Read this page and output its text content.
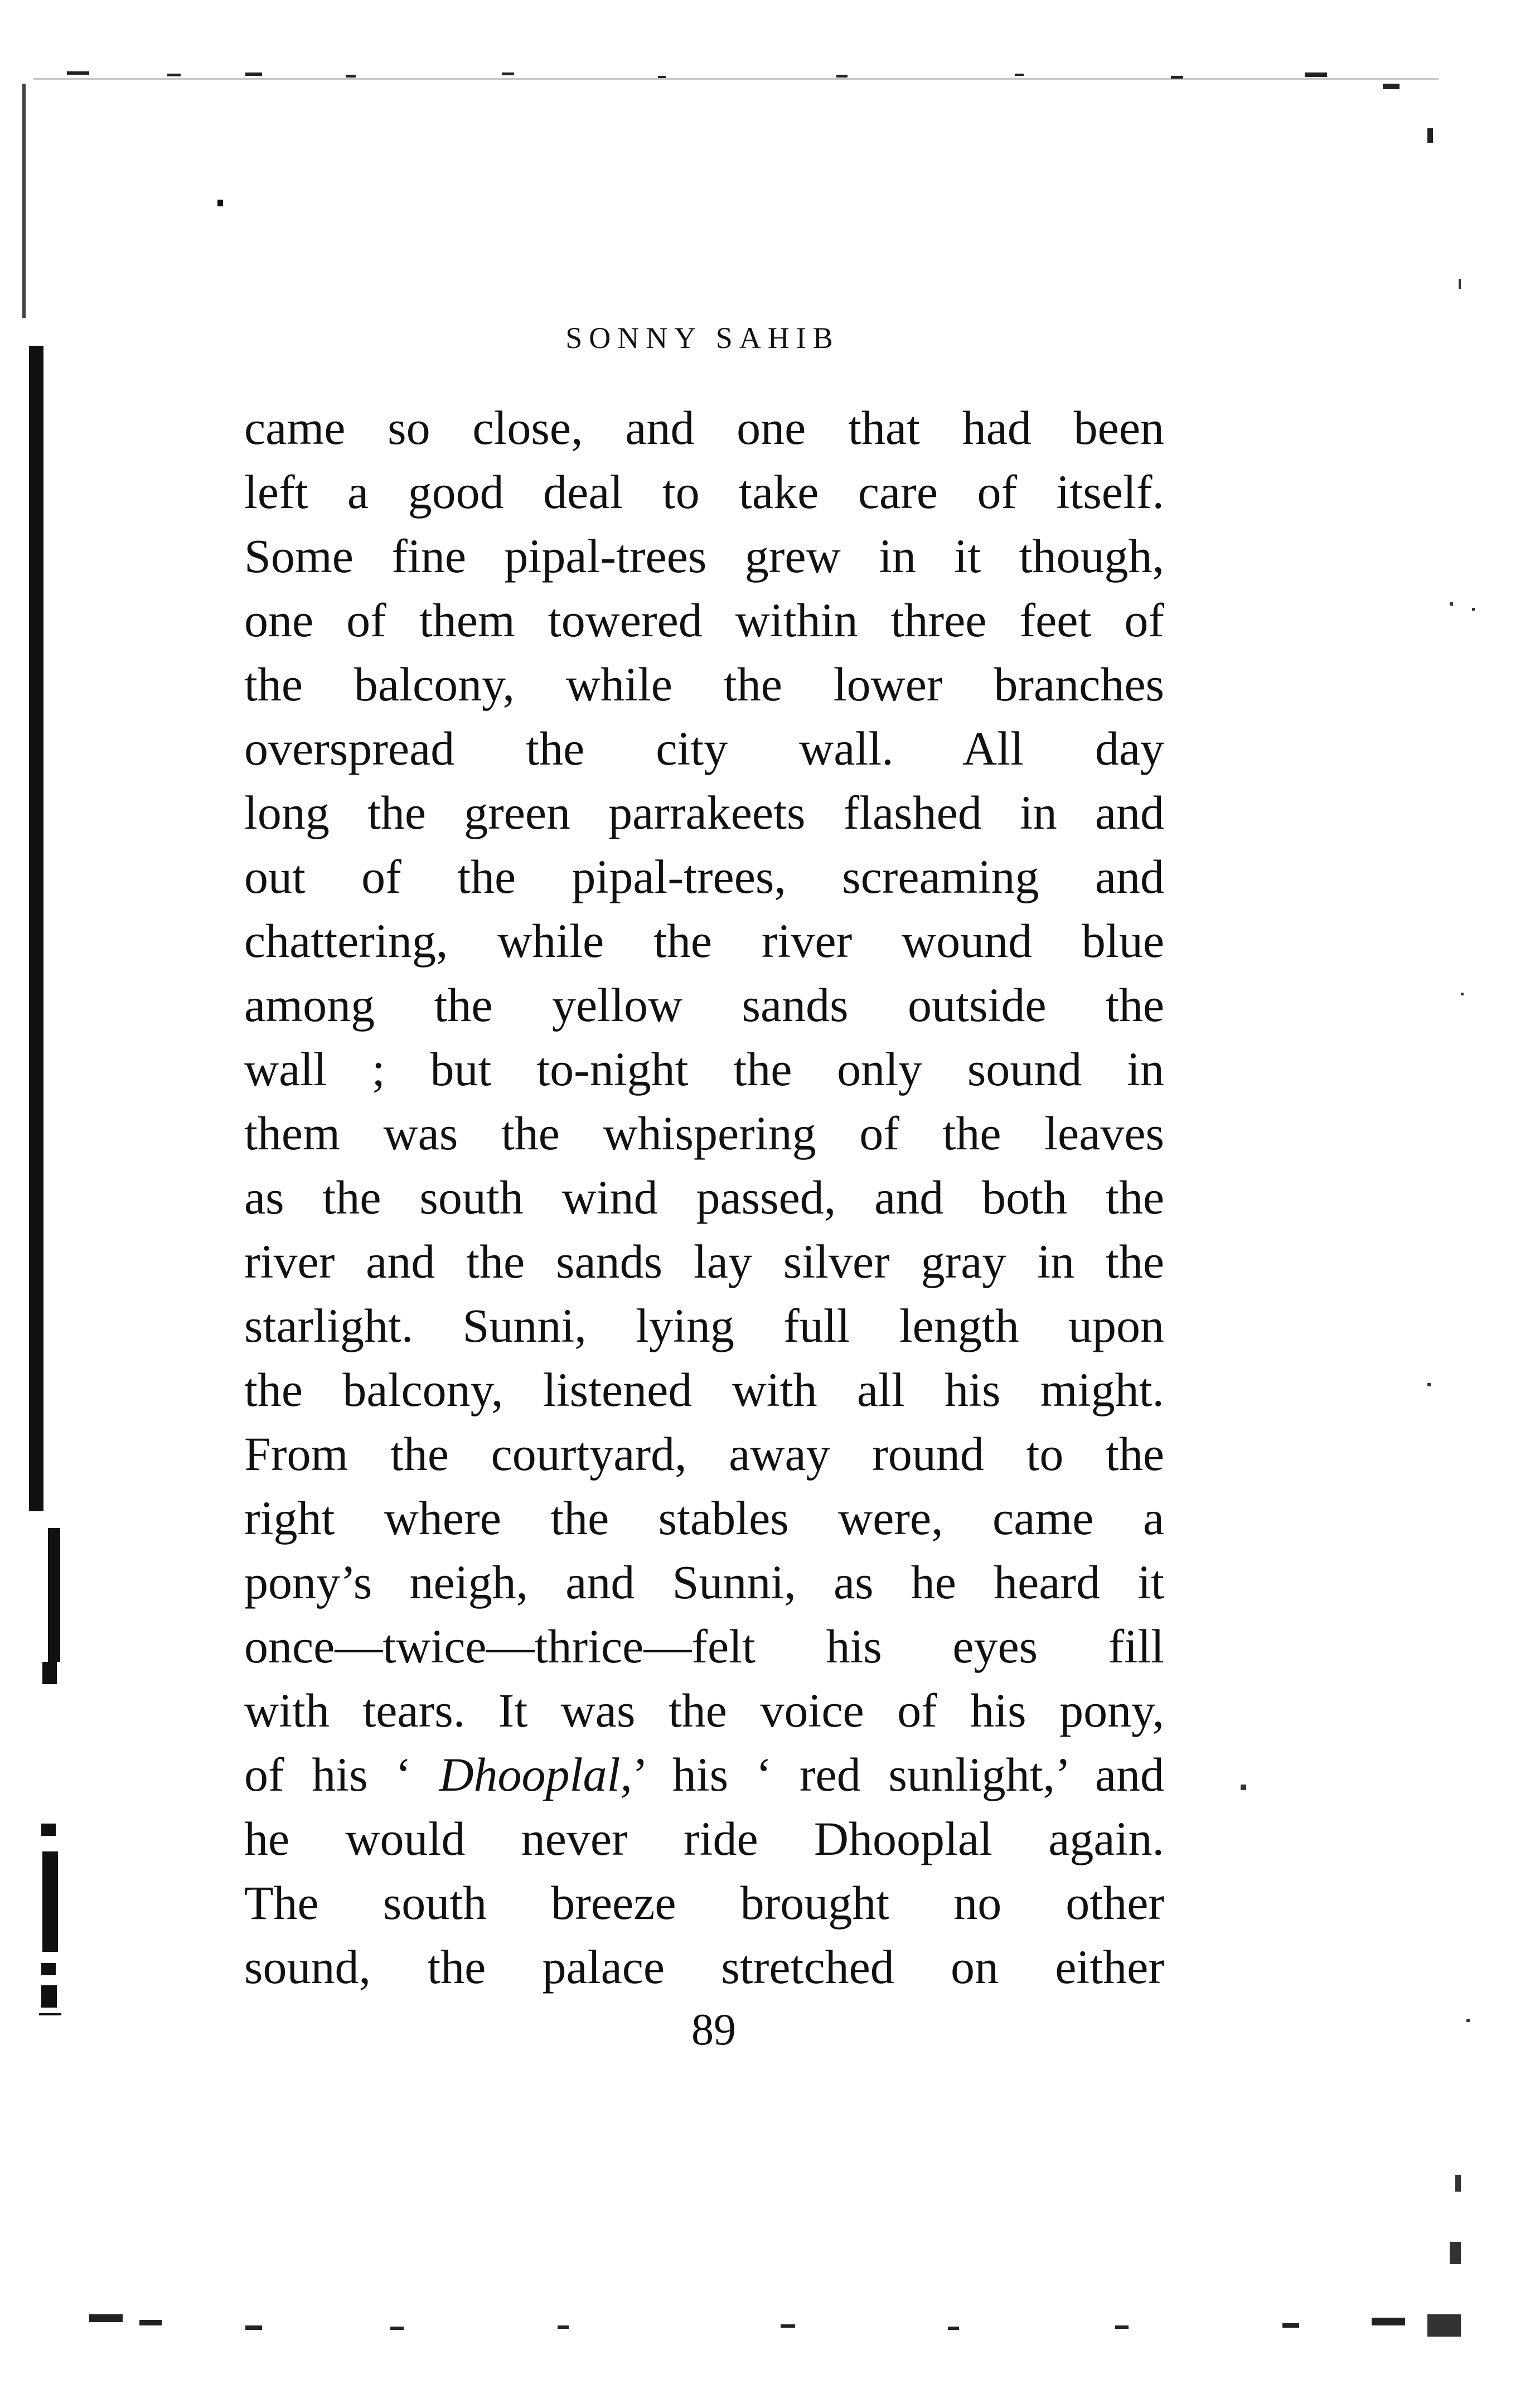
SONNY SAHIB
came so close, and one that had been
left a good deal to take care of itself.
Some fine pipal-trees grew in it though,
one of them towered within three feet of
the balcony, while the lower branches
overspread the city wall. All day
long the green parrakeets flashed in and
out of the pipal-trees, screaming and
chattering, while the river wound blue
among the yellow sands outside the
wall ; but to-night the only sound in
them was the whispering of the leaves
as the south wind passed, and both the
river and the sands lay silver gray in the
starlight. Sunni, lying full length upon
the balcony, listened with all his might.
From the courtyard, away round to the
right where the stables were, came a
pony’s neigh, and Sunni, as he heard it
once—twice—thrice—felt his eyes fill
with tears. It was the voice of his pony,
of his ‘ Dhooplal,’ his ‘ red sunlight,’ and
he would never ride Dhooplal again.
The south breeze brought no other
sound, the palace stretched on either
89
